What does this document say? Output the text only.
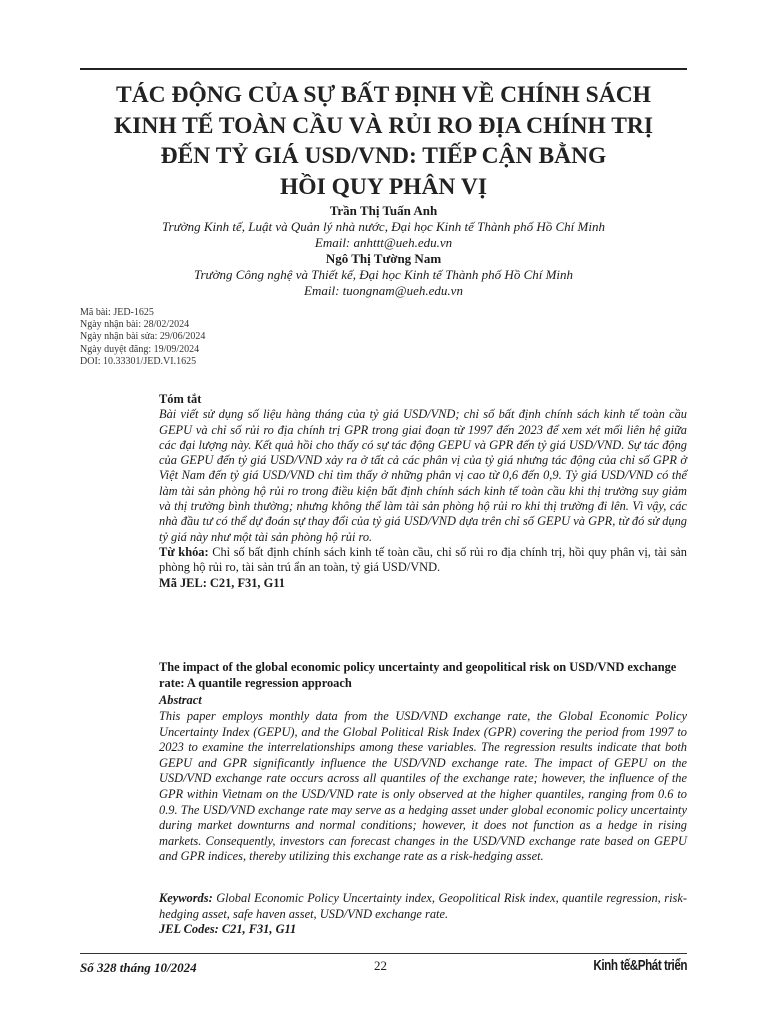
TÁC ĐỘNG CỦA SỰ BẤT ĐỊNH VỀ CHÍNH SÁCH
KINH TẾ TOÀN CẦU VÀ RỦI RO ĐỊA CHÍNH TRỊ
ĐẾN TỶ GIÁ USD/VND: TIẾP CẬN BẰNG
HỒI QUY PHÂN VỊ
Trần Thị Tuấn Anh
Trường Kinh tế, Luật và Quản lý nhà nước, Đại học Kinh tế Thành phố Hồ Chí Minh
Email: anhttt@ueh.edu.vn
Ngô Thị Tường Nam
Trường Công nghệ và Thiết kế, Đại học Kinh tế Thành phố Hồ Chí Minh
Email: tuongnam@ueh.edu.vn
Mã bài: JED-1625
Ngày nhận bài: 28/02/2024
Ngày nhận bài sửa: 29/06/2024
Ngày duyệt đăng: 19/09/2024
DOI: 10.33301/JED.VI.1625
Tóm tắt

Bài viết sử dụng số liệu hàng tháng của tỷ giá USD/VND; chỉ số bất định chính sách kinh tế toàn cầu GEPU và chỉ số rủi ro địa chính trị GPR trong giai đoạn từ 1997 đến 2023 để xem xét mối liên hệ giữa các đại lượng này. Kết quả hồi cho thấy có sự tác động GEPU và GPR đến tỷ giá USD/VND. Sự tác động của GEPU đến tỷ giá USD/VND xảy ra ở tất cả các phân vị của tỷ giá nhưng tác động của chỉ số GPR ở Việt Nam đến tỷ giá USD/VND chỉ tìm thấy ở những phân vị cao từ 0,6 đến 0,9. Tỷ giá USD/VND có thể làm tài sản phòng hộ rủi ro trong điều kiện bất định chính sách kinh tế toàn cầu khi thị trường suy giảm và thị trường bình thường; nhưng không thể làm tài sản phòng hộ rủi ro khi thị trường đi lên. Vì vậy, các nhà đầu tư có thể dự đoán sự thay đổi của tỷ giá USD/VND dựa trên chỉ số GEPU và GPR, từ đó sử dụng tỷ giá này như một tài sản phòng hộ rủi ro.

Từ khóa: Chỉ số bất định chính sách kinh tế toàn cầu, chỉ số rủi ro địa chính trị, hồi quy phân vị, tài sản phòng hộ rủi ro, tài sản trú ẩn an toàn, tỷ giá USD/VND.

Mã JEL: C21, F31, G11
The impact of the global economic policy uncertainty and geopolitical risk on USD/VND exchange rate: A quantile regression approach
Abstract

This paper employs monthly data from the USD/VND exchange rate, the Global Economic Policy Uncertainty Index (GEPU), and the Global Political Risk Index (GPR) covering the period from 1997 to 2023 to examine the interrelationships among these variables. The regression results indicate that both GEPU and GPR significantly influence the USD/VND exchange rate. The impact of GEPU on the USD/VND exchange rate occurs across all quantiles of the exchange rate; however, the influence of the GPR within Vietnam on the USD/VND rate is only observed at the higher quantiles, ranging from 0.6 to 0.9. The USD/VND exchange rate may serve as a hedging asset under global economic policy uncertainty during market downturns and normal conditions; however, it does not function as a hedge in rising markets. Consequently, investors can forecast changes in the USD/VND exchange rate based on GEPU and GPR indices, thereby utilizing this exchange rate as a risk-hedging asset.

Keywords: Global Economic Policy Uncertainty index, Geopolitical Risk index, quantile regression, risk-hedging asset, safe haven asset, USD/VND exchange rate.

JEL Codes: C21, F31, G11
Số 328 tháng 10/2024	22	Kinh tế&Phát triển
